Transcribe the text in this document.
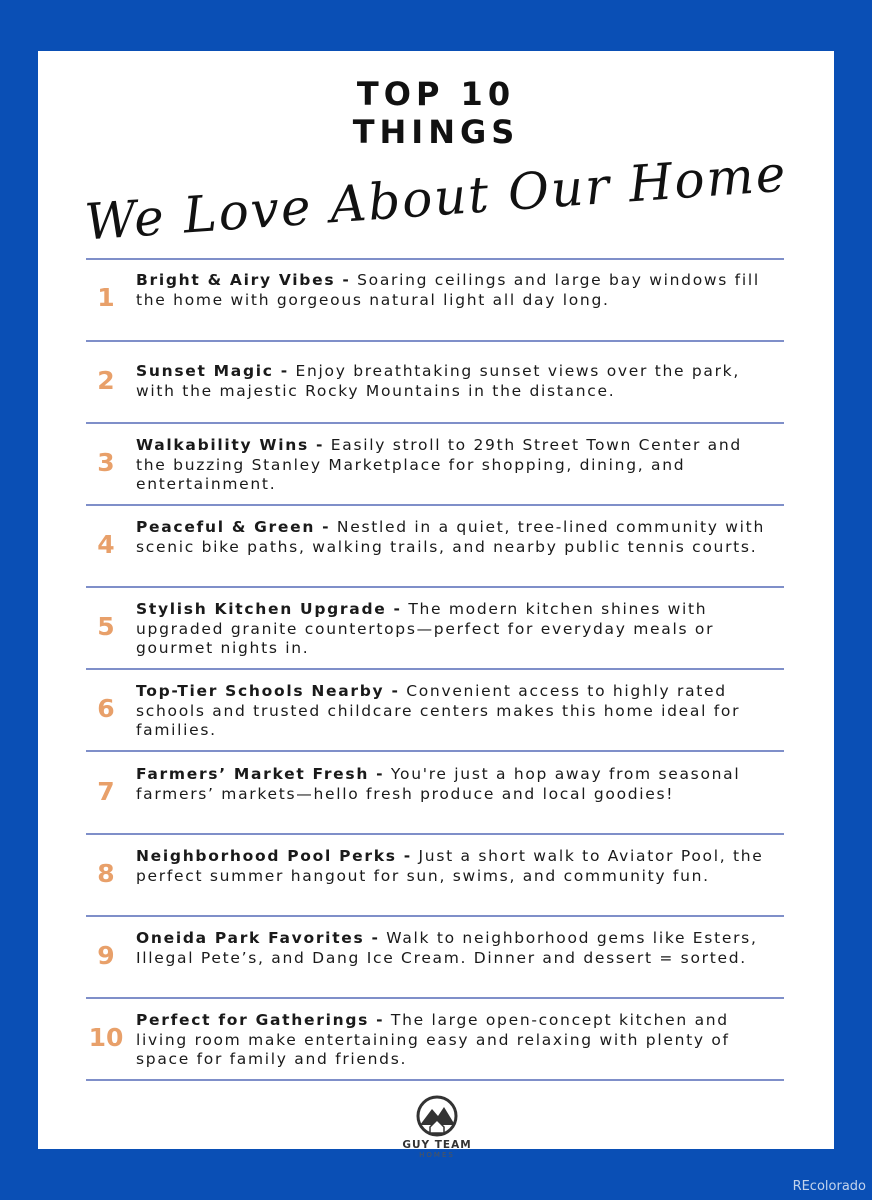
TOP 10
THINGS
We Love About Our Home
1
Bright & Airy Vibes - Soaring ceilings and large bay windows fill the home with gorgeous natural light all day long.
2	Sunset Magic - Enjoy breathtaking sunset views over the park, with the majestic Rocky Mountains in the distance.
3
Walkability Wins - Easily stroll to 29th Street Town Center and the buzzing Stanley Marketplace for shopping, dining, and entertainment.
4
Peaceful & Green - Nestled in a quiet, tree-lined community with scenic bike paths, walking trails, and nearby public tennis courts.
5
Stylish Kitchen Upgrade - The modern kitchen shines with upgraded granite countertops—perfect for everyday meals or gourmet nights in.
6
Top-Tier Schools Nearby - Convenient access to highly rated schools and trusted childcare centers makes this home ideal for families.
7
Farmers’ Market Fresh - You're just a hop away from seasonal farmers’ markets—hello fresh produce and local goodies!
8
Neighborhood Pool Perks - Just a short walk to Aviator Pool, the perfect summer hangout for sun, swims, and community fun.
9
Oneida Park Favorites - Walk to neighborhood gems like Esters, Illegal Pete’s, and Dang Ice Cream. Dinner and dessert = sorted.
10
Perfect for Gatherings - The large open-concept kitchen and living room make entertaining easy and relaxing with plenty of space for family and friends.
GUY TEAM
HOMES
REcolorado
